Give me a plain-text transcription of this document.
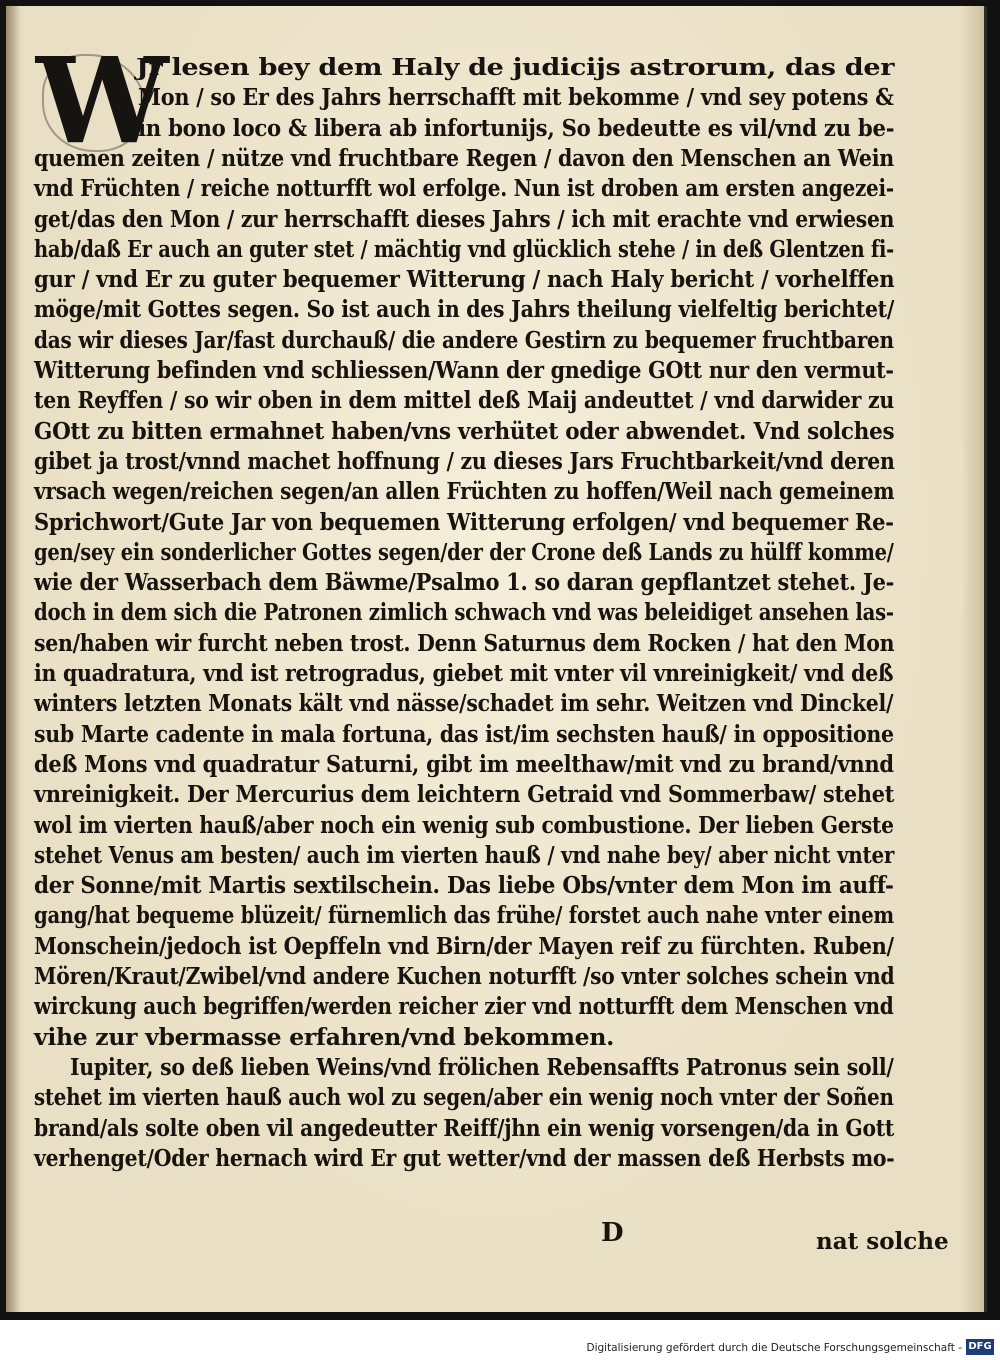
W
Jr lesen bey dem Haly de judicijs astrorum, das der
Mon / so Er des Jahrs herrschafft mit bekomme / vnd sey potens &
in bono loco & libera ab infortunijs, So bedeutte es vil/vnd zu be-
quemen zeiten / nütze vnd fruchtbare Regen / davon den Menschen an Wein
vnd Früchten / reiche notturfft wol erfolge. Nun ist droben am ersten angezei-
get/das den Mon / zur herrschafft dieses Jahrs / ich mit erachte vnd erwiesen
hab/daß Er auch an guter stet / mächtig vnd glücklich stehe / in deß Glentzen fi-
gur / vnd Er zu guter bequemer Witterung / nach Haly bericht / vorhelffen
möge/mit Gottes segen. So ist auch in des Jahrs theilung vielfeltig berichtet/
das wir dieses Jar/fast durchauß/ die andere Gestirn zu bequemer fruchtbaren
Witterung befinden vnd schliessen/Wann der gnedige GOtt nur den vermut-
ten Reyffen / so wir oben in dem mittel deß Maij andeuttet / vnd darwider zu
GOtt zu bitten ermahnet haben/vns verhütet oder abwendet. Vnd solches
gibet ja trost/vnnd machet hoffnung / zu dieses Jars Fruchtbarkeit/vnd deren
vrsach wegen/reichen segen/an allen Früchten zu hoffen/Weil nach gemeinem
Sprichwort/Gute Jar von bequemen Witterung erfolgen/ vnd bequemer Re-
gen/sey ein sonderlicher Gottes segen/der der Crone deß Lands zu hülff komme/
wie der Wasserbach dem Bäwme/Psalmo 1. so daran gepflantzet stehet. Je-
doch in dem sich die Patronen zimlich schwach vnd was beleidiget ansehen las-
sen/haben wir furcht neben trost. Denn Saturnus dem Rocken / hat den Mon
in quadratura, vnd ist retrogradus, giebet mit vnter vil vnreinigkeit/ vnd deß
winters letzten Monats kält vnd nässe/schadet im sehr. Weitzen vnd Dinckel/
sub Marte cadente in mala fortuna, das ist/im sechsten hauß/ in oppositione
deß Mons vnd quadratur Saturni, gibt im meelthaw/mit vnd zu brand/vnnd
vnreinigkeit. Der Mercurius dem leichtern Getraid vnd Sommerbaw/ stehet
wol im vierten hauß/aber noch ein wenig sub combustione. Der lieben Gerste
stehet Venus am besten/ auch im vierten hauß / vnd nahe bey/ aber nicht vnter
der Sonne/mit Martis sextilschein. Das liebe Obs/vnter dem Mon im auff-
gang/hat bequeme blüzeit/ fürnemlich das frühe/ forstet auch nahe vnter einem
Monschein/jedoch ist Oepffeln vnd Birn/der Mayen reif zu fürchten. Ruben/
Mören/Kraut/Zwibel/vnd andere Kuchen noturfft /so vnter solches schein vnd
wirckung auch begriffen/werden reicher zier vnd notturfft dem Menschen vnd
vihe zur vbermasse erfahren/vnd bekommen.
Iupiter, so deß lieben Weins/vnd frölichen Rebensaffts Patronus sein soll/
stehet im vierten hauß auch wol zu segen/aber ein wenig noch vnter der Soñen
brand/als solte oben vil angedeutter Reiff/jhn ein wenig vorsengen/da in Gott
verhenget/Oder hernach wird Er gut wetter/vnd der massen deß Herbsts mo-
D	nat solche
Digitalisierung gefördert durch die Deutsche Forschungsgemeinschaft - DFG
